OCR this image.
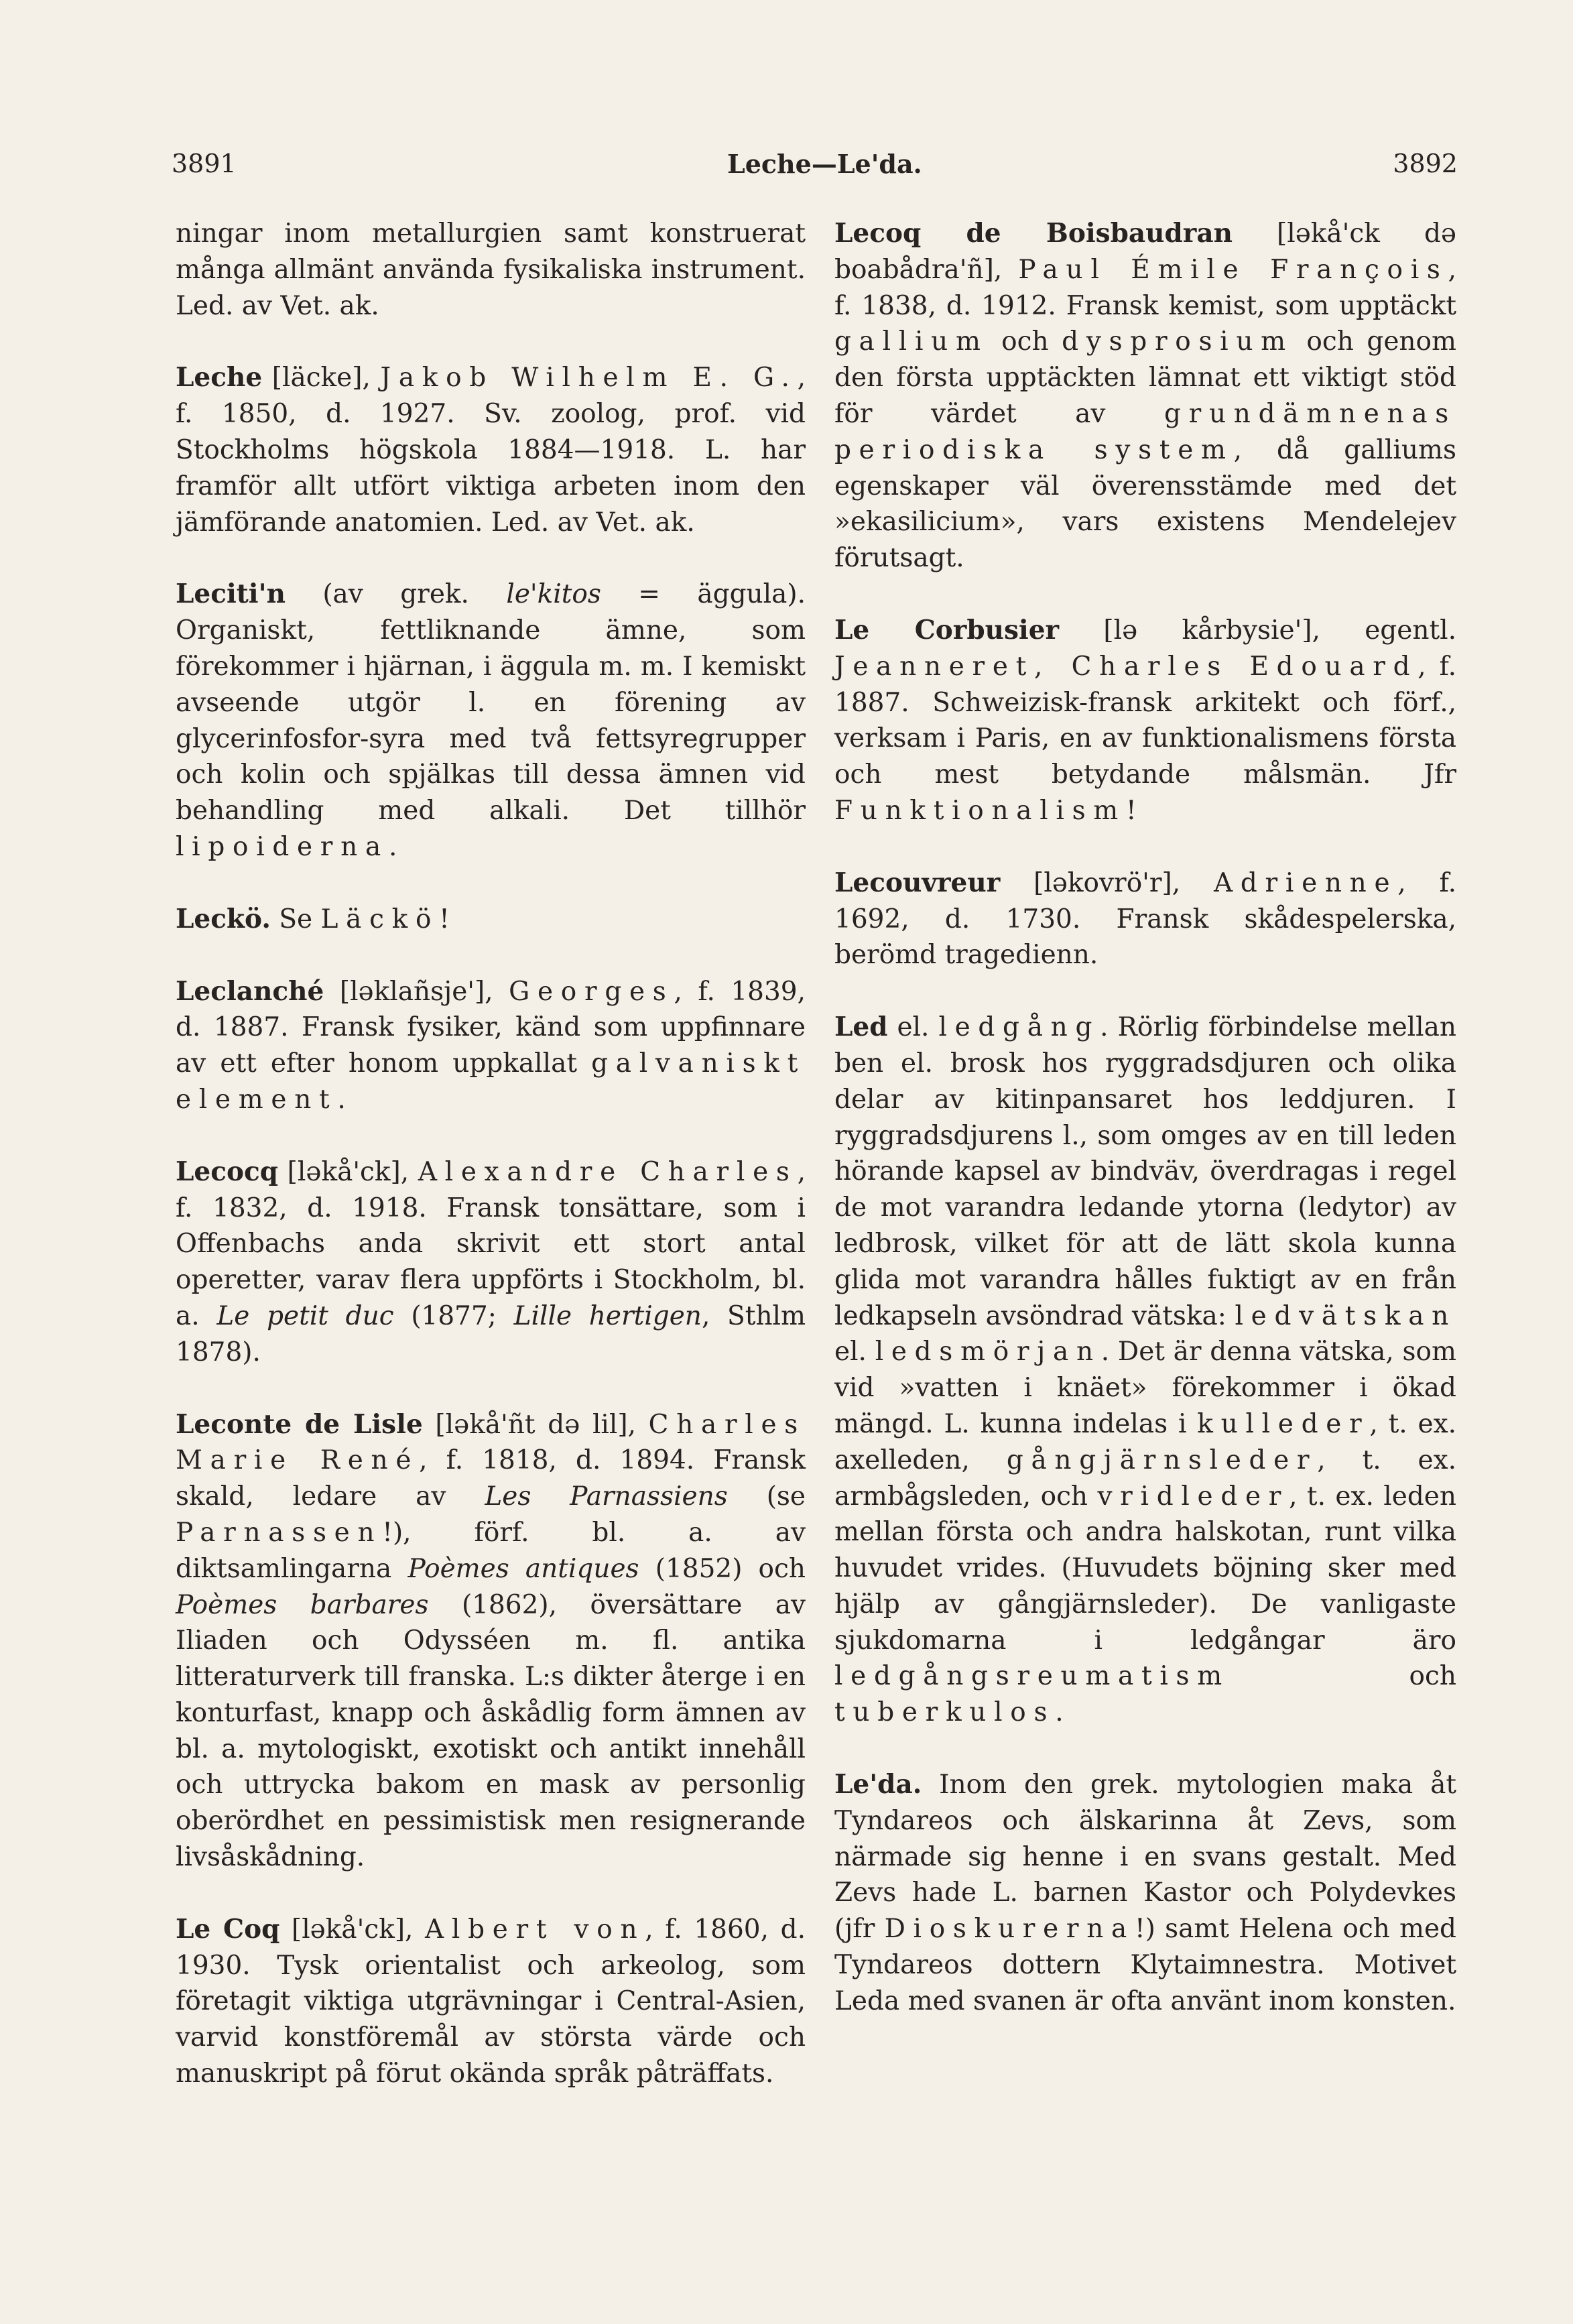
3891	Leche—Le'da.	3892

ningar inom metallurgien samt konstruerat många allmänt använda fysikaliska instrument. Led. av Vet. ak.

Leche [läcke], Jakob Wilhelm E. G., f. 1850, d. 1927. Sv. zoolog, prof. vid Stockholms högskola 1884—1918. L. har framför allt utfört viktiga arbeten inom den jämförande anatomien. Led. av Vet. ak.

Leciti'n (av grek. le'kitos = äggula). Organiskt, fettliknande ämne, som förekommer i hjärnan, i äggula m. m. I kemiskt avseende utgör l. en förening av glycerinfosfor-syra med två fettsyregrupper och kolin och spjälkas till dessa ämnen vid behandling med alkali. Det tillhör lipoiderna.

Leckö. Se Läckö!

Leclanché [ləklañsje'], Georges, f. 1839, d. 1887. Fransk fysiker, känd som uppfinnare av ett efter honom uppkallat galvaniskt element.

Lecocq [ləkå'ck], Alexandre Charles, f. 1832, d. 1918. Fransk tonsättare, som i Offenbachs anda skrivit ett stort antal operetter, varav flera uppförts i Stockholm, bl. a. Le petit duc (1877; Lille hertigen, Sthlm 1878).

Leconte de Lisle [ləkå'ñt də lil], Charles Marie René, f. 1818, d. 1894. Fransk skald, ledare av Les Parnassiens (se Parnassen!), förf. bl. a. av diktsamlingarna Poèmes antiques (1852) och Poèmes barbares (1862), översättare av Iliaden och Odysséen m. fl. antika litteraturverk till franska. L:s dikter återge i en konturfast, knapp och åskådlig form ämnen av bl. a. mytologiskt, exotiskt och antikt innehåll och uttrycka bakom en mask av personlig oberördhet en pessimistisk men resignerande livsåskådning.

Le Coq [ləkå'ck], Albert von, f. 1860, d. 1930. Tysk orientalist och arkeolog, som företagit viktiga utgrävningar i Central-Asien, varvid konstföremål av största värde och manuskript på förut okända språk påträffats.

Lecoq de Boisbaudran [ləkå'ck də boabådra'ñ], Paul Émile François, f. 1838, d. 1912. Fransk kemist, som upptäckt gallium och dysprosium och genom den första upptäckten lämnat ett viktigt stöd för värdet av grundämnenas periodiska system, då galliums egenskaper väl överensstämde med det »ekasilicium», vars existens Mendelejev förutsagt.

Le Corbusier [lə kårbysie'], egentl. Jeanneret, Charles Edouard, f. 1887. Schweizisk-fransk arkitekt och förf., verksam i Paris, en av funktionalismens första och mest betydande målsmän. Jfr Funktionalism!

Lecouvreur [ləkovrö'r], Adrienne, f. 1692, d. 1730. Fransk skådespelerska, berömd tragedienn.

Led el. ledgång. Rörlig förbindelse mellan ben el. brosk hos ryggradsdjuren och olika delar av kitinpansaret hos leddjuren. I ryggradsdjurens l., som omges av en till leden hörande kapsel av bindväv, överdragas i regel de mot varandra ledande ytorna (ledytor) av ledbrosk, vilket för att de lätt skola kunna glida mot varandra hålles fuktigt av en från ledkapseln avsöndrad vätska: ledvätskan el. ledsmörjan. Det är denna vätska, som vid »vatten i knäet» förekommer i ökad mängd. L. kunna indelas i kulleder, t. ex. axelleden, gångjärnsleder, t. ex. armbågsleden, och vridleder, t. ex. leden mellan första och andra halskotan, runt vilka huvudet vrides. (Huvudets böjning sker med hjälp av gångjärnsleder). De vanligaste sjukdomarna i ledgångar äro ledgångsreumatism och tuberkulos.

Le'da. Inom den grek. mytologien maka åt Tyndareos och älskarinna åt Zevs, som närmade sig henne i en svans gestalt. Med Zevs hade L. barnen Kastor och Polydevkes (jfr Dioskurerna!) samt Helena och med Tyndareos dottern Klytaimnestra. Motivet Leda med svanen är ofta använt inom konsten.
